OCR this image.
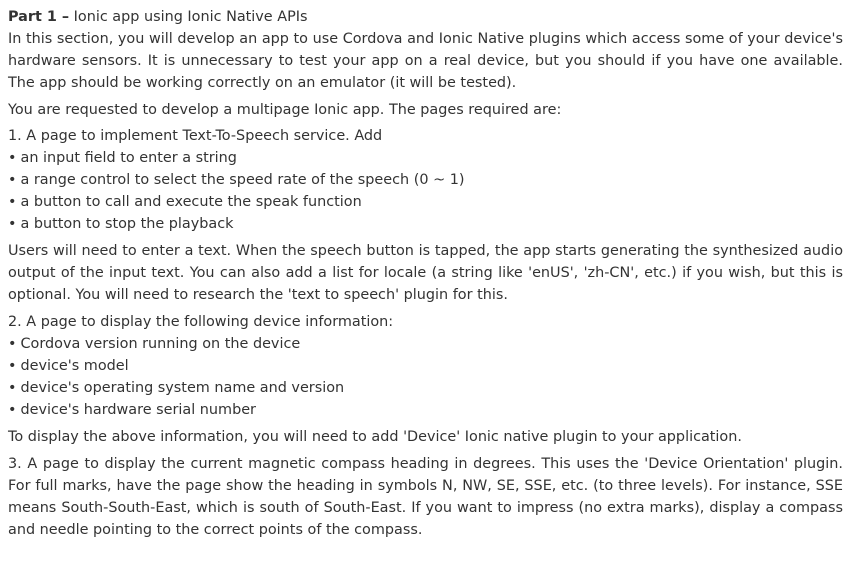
Part 1 – Ionic app using Ionic Native APIs
In this section, you will develop an app to use Cordova and Ionic Native plugins which access some of your device's hardware sensors. It is unnecessary to test your app on a real device, but you should if you have one available. The app should be working correctly on an emulator (it will be tested).
You are requested to develop a multipage Ionic app. The pages required are:
1. A page to implement Text-To-Speech service. Add
• an input field to enter a string
• a range control to select the speed rate of the speech (0 ~ 1)
• a button to call and execute the speak function
• a button to stop the playback
Users will need to enter a text. When the speech button is tapped, the app starts generating the synthesized audio output of the input text. You can also add a list for locale (a string like 'enUS', 'zh-CN', etc.) if you wish, but this is optional. You will need to research the 'text to speech' plugin for this.
2. A page to display the following device information:
• Cordova version running on the device
• device's model
• device's operating system name and version
• device's hardware serial number
To display the above information, you will need to add 'Device' Ionic native plugin to your application.
3. A page to display the current magnetic compass heading in degrees. This uses the 'Device Orientation' plugin. For full marks, have the page show the heading in symbols N, NW, SE, SSE, etc. (to three levels). For instance, SSE means South-South-East, which is south of South-East. If you want to impress (no extra marks), display a compass and needle pointing to the correct points of the compass.
